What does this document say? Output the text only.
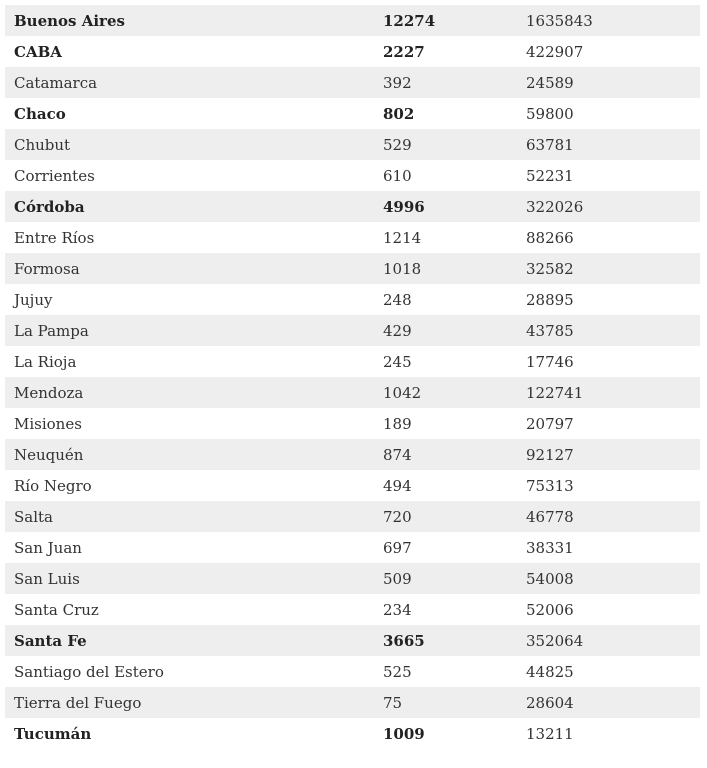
Buenos Aires	12274	1635843
CABA	2227	422907
Catamarca	392	24589
Chaco	802	59800
Chubut	529	63781
Corrientes	610	52231
Córdoba	4996	322026
Entre Ríos	1214	88266
Formosa	1018	32582
Jujuy	248	28895
La Pampa	429	43785
La Rioja	245	17746
Mendoza	1042	122741
Misiones	189	20797
Neuquén	874	92127
Río Negro	494	75313
Salta	720	46778
San Juan	697	38331
San Luis	509	54008
Santa Cruz	234	52006
Santa Fe	3665	352064
Santiago del Estero	525	44825
Tierra del Fuego	75	28604
Tucumán	1009	13211
